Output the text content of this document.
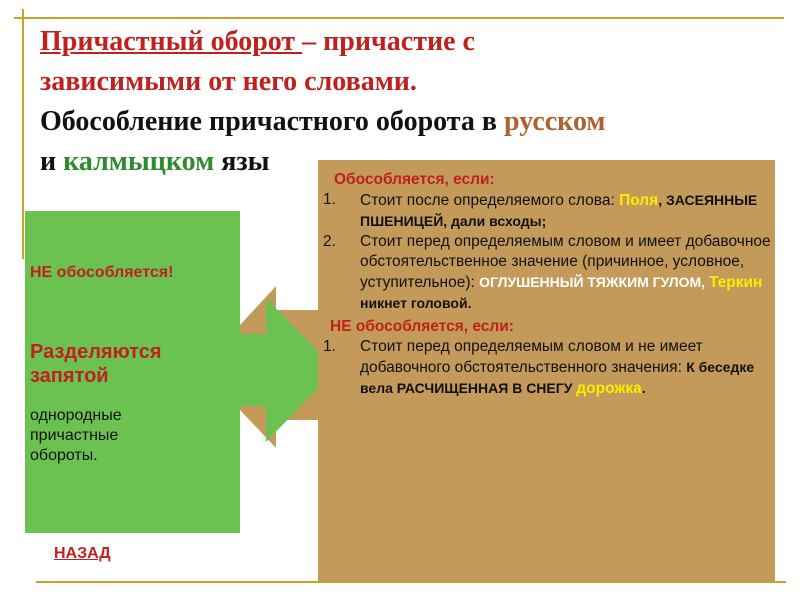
Причастный оборот – причастие с
зависимыми от него словами.
Обособление причастного оборота в русском
и калмыцком язы
НЕ обособляется!
Разделяются
запятой
однородные
причастные
обороты.
Обособляется, если:
1. Стоит после определяемого слова: Поля, ЗАСЕЯННЫЕ ПШЕНИЦЕЙ, дали всходы;
2. Стоит перед определяемым словом и имеет добавочное обстоятельственное значение (причинное, условное, уступительное): ОГЛУШЕННЫЙ ТЯЖКИМ ГУЛОМ, Теркин никнет головой.
НЕ обособляется, если:
1. Стоит перед определяемым словом и не имеет добавочного обстоятельственного значения: К беседке вела РАСЧИЩЕННАЯ В СНЕГУ дорожка.
НАЗАД
